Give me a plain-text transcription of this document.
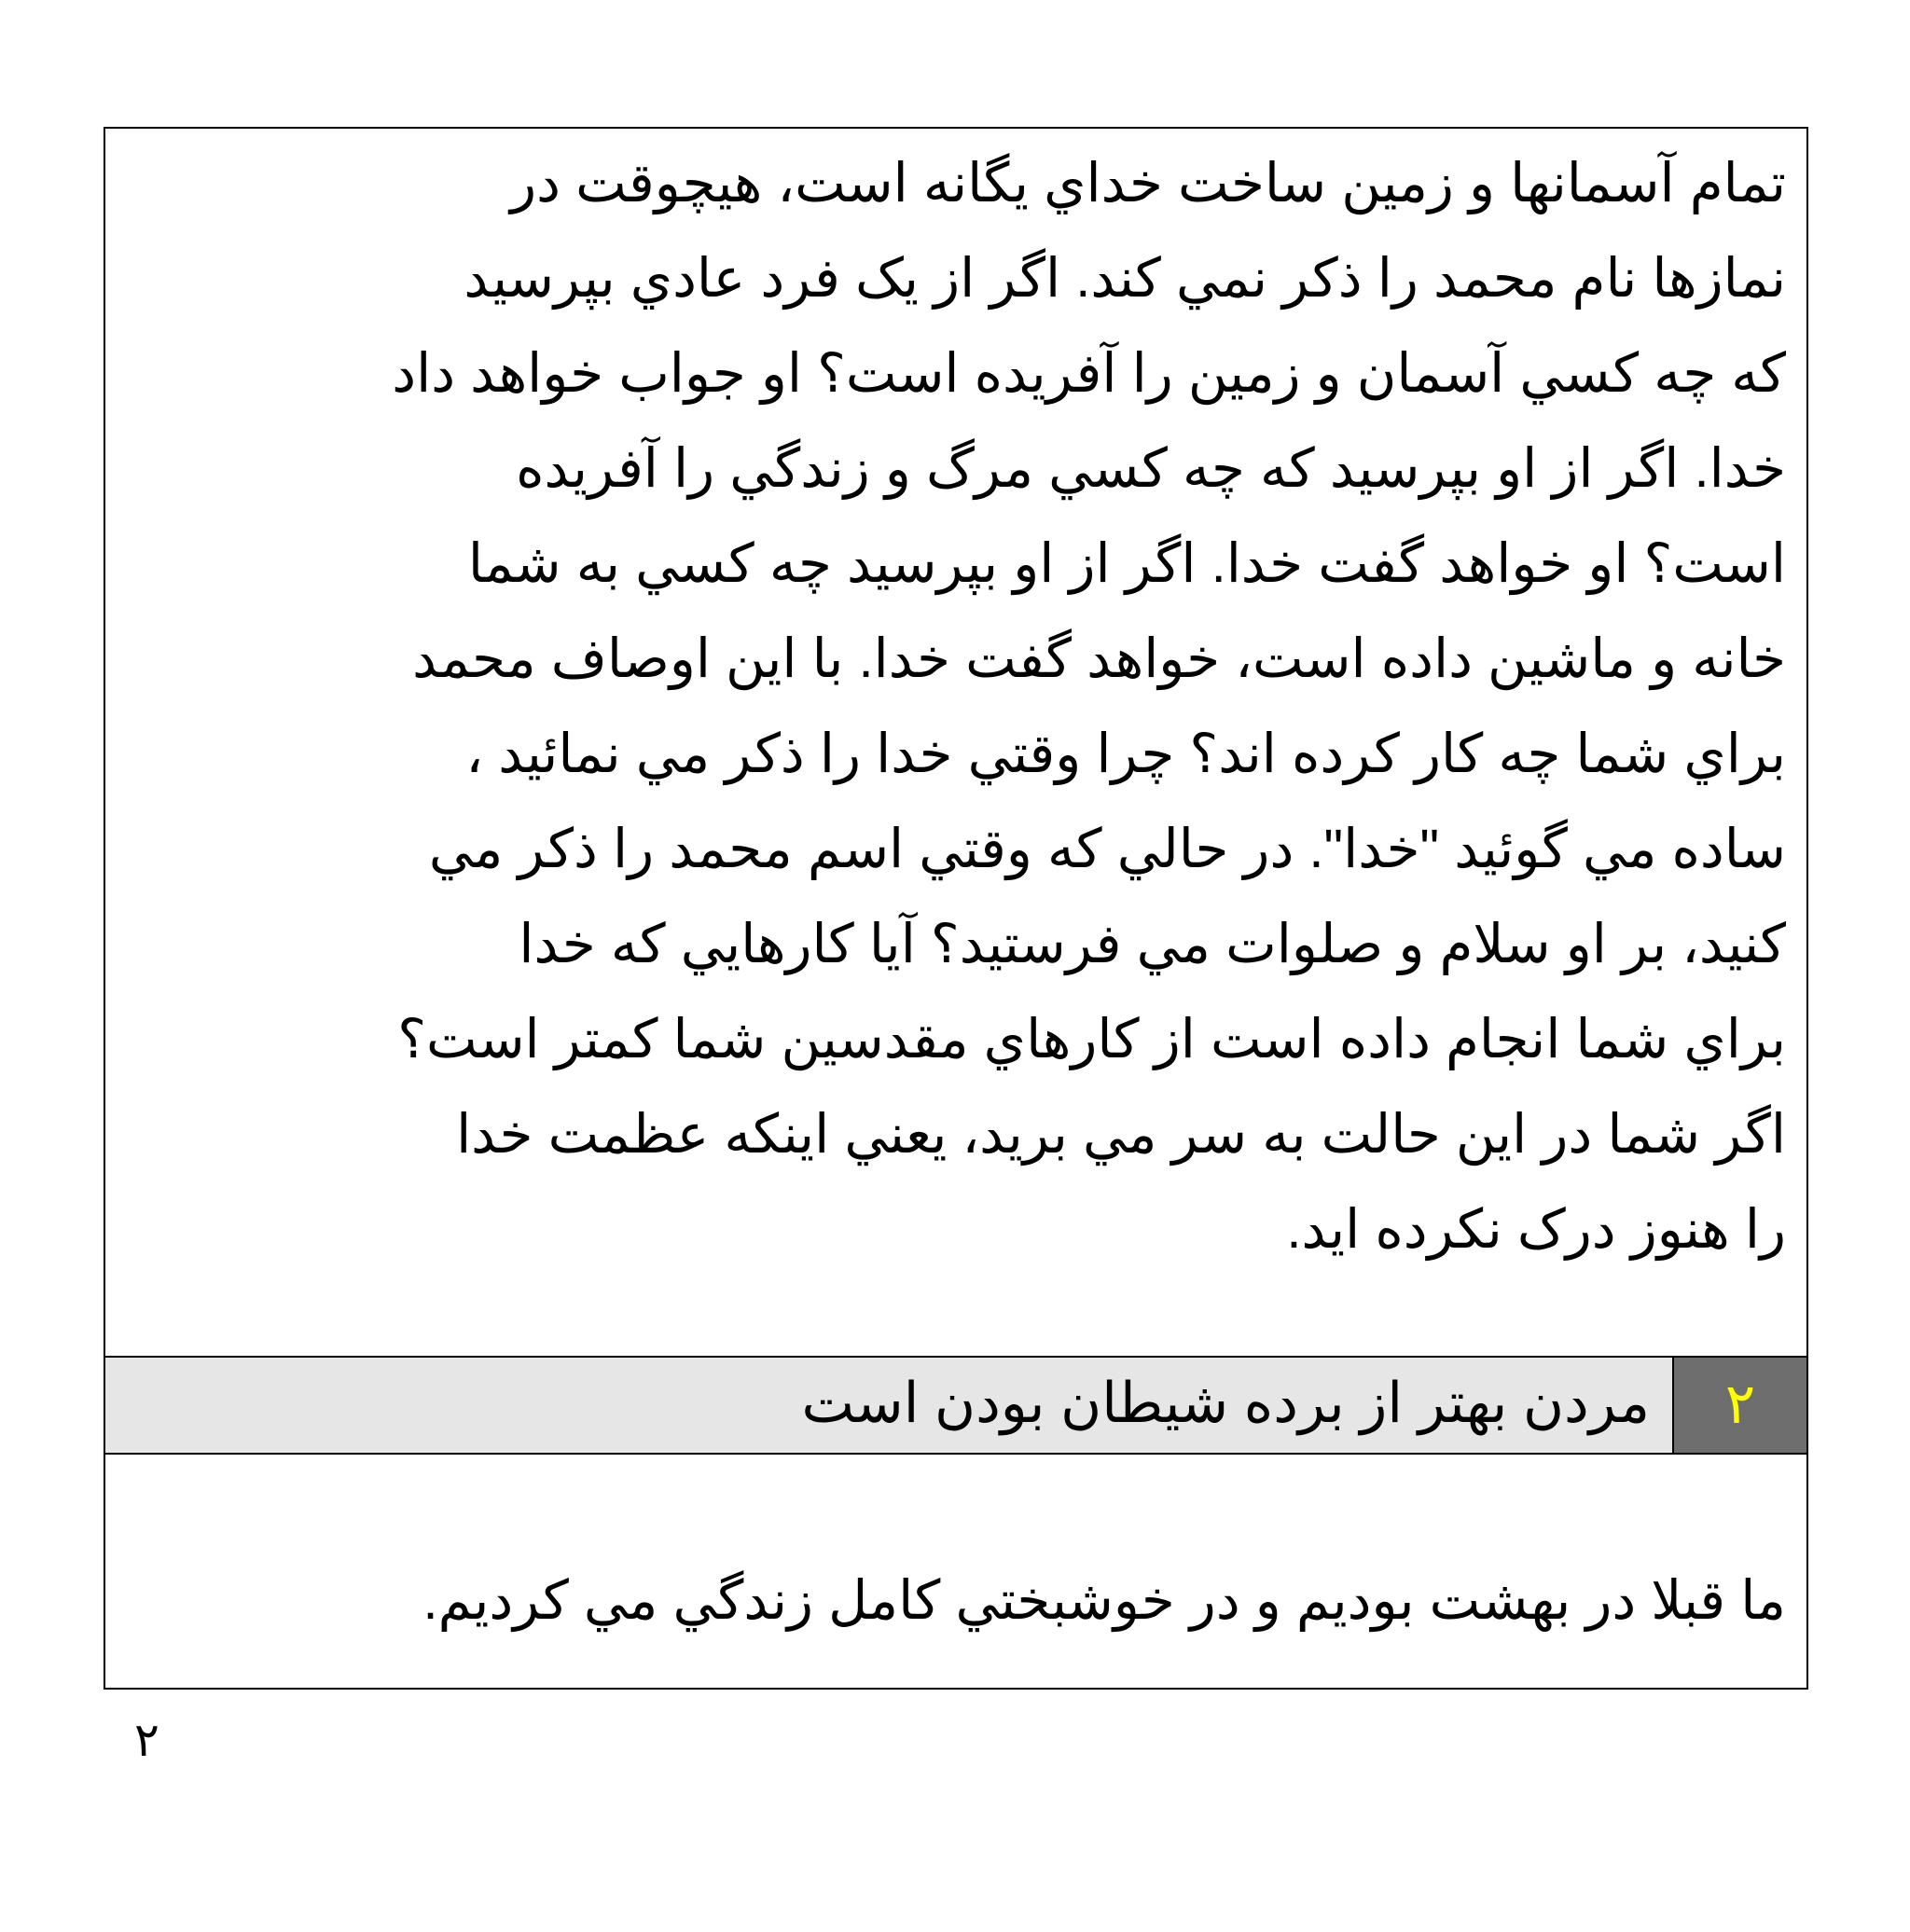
تمام آسمانها و زمين ساخت خداي يگانه است، هيچوقت در
نمازها نام محمد را ذکر نمي کند. اگر از يک فرد عادي بپرسيد
که چه کسي آسمان و زمين را آفريده است؟ او جواب خواهد داد
خدا. اگر از او بپرسيد که چه کسي مرگ و زندگي را آفريده
است؟ او خواهد گفت خدا. اگر از او بپرسيد چه کسي به شما
خانه و ماشين داده است، خواهد گفت خدا. با اين اوصاف محمد
براي شما چه کار کرده اند؟ چرا وقتي خدا را ذکر مي نمائيد ،
ساده مي گوئيد "خدا". در حالي که وقتي اسم محمد را ذکر مي
کنيد، بر او سلام و صلوات مي فرستيد؟ آيا کارهايي که خدا
براي شما انجام داده است از کارهاي مقدسين شما کمتر است؟
اگر شما در اين حالت به سر مي بريد، يعني اينکه عظمت خدا
را هنوز درک نکرده ايد.
٢
مردن بهتر از برده شيطان بودن است
ما قبلا در بهشت بوديم و در خوشبختي کامل زندگي مي کرديم.
٢
